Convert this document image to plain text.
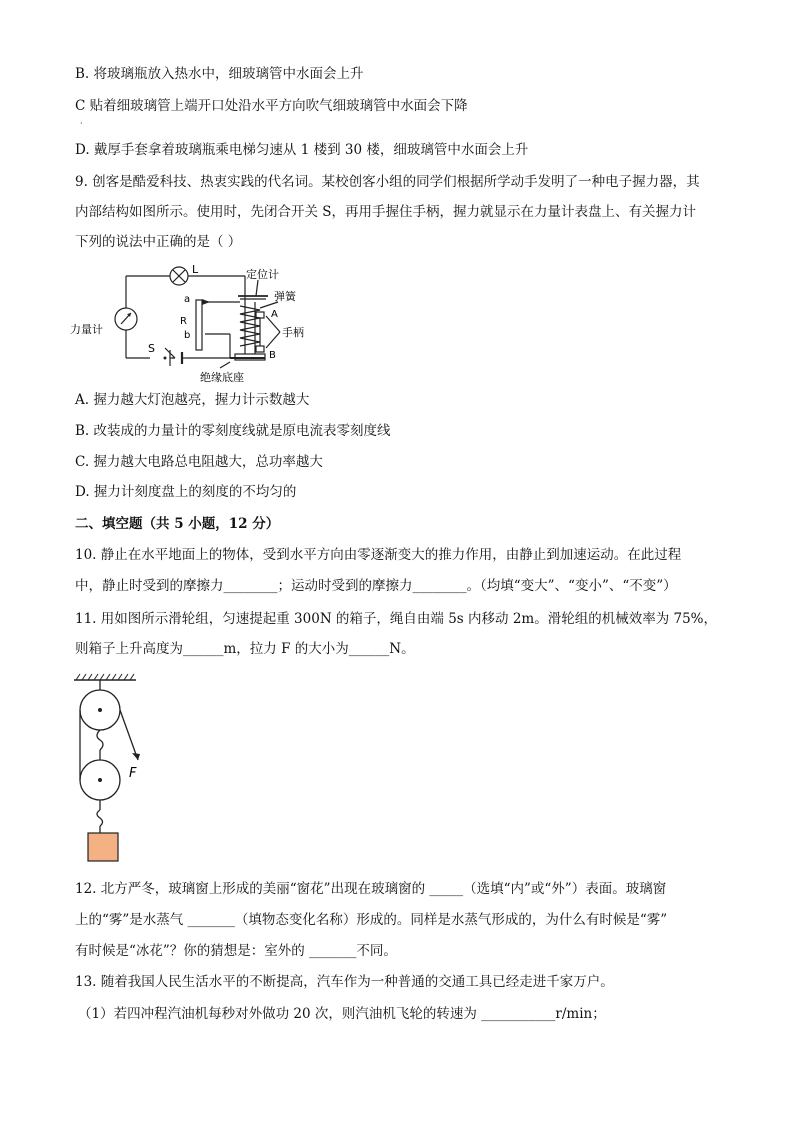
B. 将玻璃瓶放入热水中，细玻璃管中水面会上升
C 贴着细玻璃管上端开口处沿水平方向吹气细玻璃管中水面会下降
·
D. 戴厚手套拿着玻璃瓶乘电梯匀速从 1 楼到 30 楼，细玻璃管中水面会上升
9. 创客是酷爱科技、热衷实践的代名词。某校创客小组的同学们根据所学动手发明了一种电子握力器，其
内部结构如图所示。使用时，先闭合开关 S，再用手握住手柄，握力就显示在力量计表盘上、有关握力计
下列的说法中正确的是（ ）
L
力量计
S
R
a
b
定位计
弹簧
A
手柄
B
绝缘底座
A. 握力越大灯泡越亮，握力计示数越大
B. 改装成的力量计的零刻度线就是原电流表零刻度线
C. 握力越大电路总电阻越大，总功率越大
D. 握力计刻度盘上的刻度的不均匀的
二、填空题（共 5 小题，12 分）
10. 静止在水平地面上的物体，受到水平方向由零逐渐变大的推力作用，由静止到加速运动。在此过程
中，静止时受到的摩擦力________；运动时受到的摩擦力________。（均填“变大”、“变小”、“不变”）
11. 用如图所示滑轮组，匀速提起重 300N 的箱子，绳自由端 5s 内移动 2m。滑轮组的机械效率为 75%，
则箱子上升高度为______m，拉力 F 的大小为______N。
F
12. 北方严冬，玻璃窗上形成的美丽“窗花”出现在玻璃窗的 _____（选填“内”或“外”）表面。玻璃窗
上的“雾”是水蒸气 _______（填物态变化名称）形成的。同样是水蒸气形成的，为什么有时候是“雾”
有时候是“冰花”？你的猜想是：室外的 _______不同。
13. 随着我国人民生活水平的不断提高，汽车作为一种普通的交通工具已经走进千家万户。
（1）若四冲程汽油机每秒对外做功 20 次，则汽油机飞轮的转速为 ___________r/min；
